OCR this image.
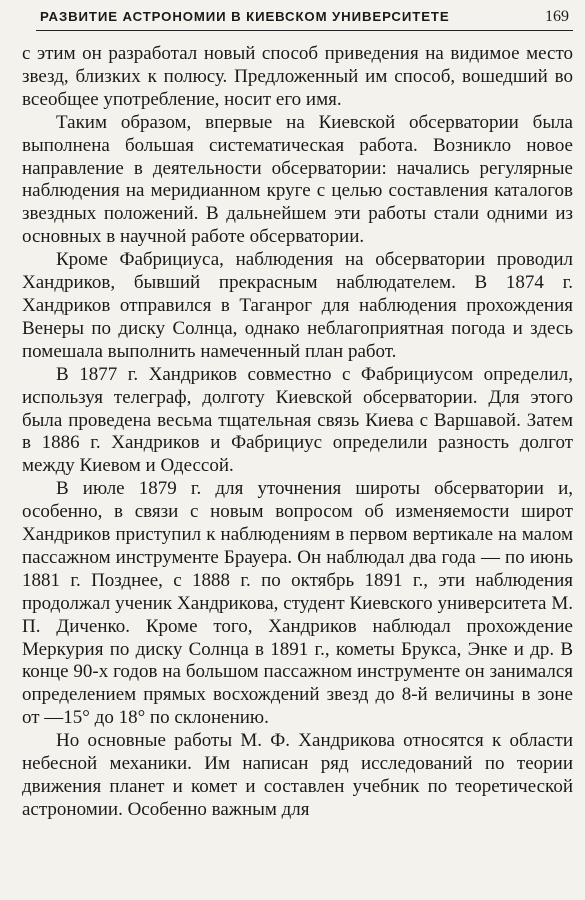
РАЗВИТИЕ АСТРОНОМИИ В КИЕВСКОМ УНИВЕРСИТЕТЕ	169

с этим он разработал новый способ приведения на видимое место звезд, близких к полюсу. Предложенный им способ, вошедший во всеобщее употребление, носит его имя.

Таким образом, впервые на Киевской обсерватории была выполнена большая систематическая работа. Возникло новое направление в деятельности обсерватории: начались регулярные наблюдения на меридианном круге с целью составления каталогов звездных положений. В дальнейшем эти работы стали одними из основных в научной работе обсерватории.

Кроме Фабрициуса, наблюдения на обсерватории проводил Хандриков, бывший прекрасным наблюдателем. В 1874 г. Хандриков отправился в Таганрог для наблюдения прохождения Венеры по диску Солнца, однако неблагоприятная погода и здесь помешала выполнить намеченный план работ.

В 1877 г. Хандриков совместно с Фабрициусом определил, используя телеграф, долготу Киевской обсерватории. Для этого была проведена весьма тщательная связь Киева с Варшавой. Затем в 1886 г. Хандриков и Фабрициус определили разность долгот между Киевом и Одессой.

В июле 1879 г. для уточнения широты обсерватории и, особенно, в связи с новым вопросом об изменяемости широт Хандриков приступил к наблюдениям в первом вертикале на малом пассажном инструменте Брауера. Он наблюдал два года — по июнь 1881 г. Позднее, с 1888 г. по октябрь 1891 г., эти наблюдения продолжал ученик Хандрикова, студент Киевского университета М. П. Диченко. Кроме того, Хандриков наблюдал прохождение Меркурия по диску Солнца в 1891 г., кометы Брукса, Энке и др. В конце 90-х годов на большом пассажном инструменте он занимался определением прямых восхождений звезд до 8-й величины в зоне от —15° до 18° по склонению.

Но основные работы М. Ф. Хандрикова относятся к области небесной механики. Им написан ряд исследований по теории движения планет и комет и составлен учебник по теоретической астрономии. Особенно важным для
